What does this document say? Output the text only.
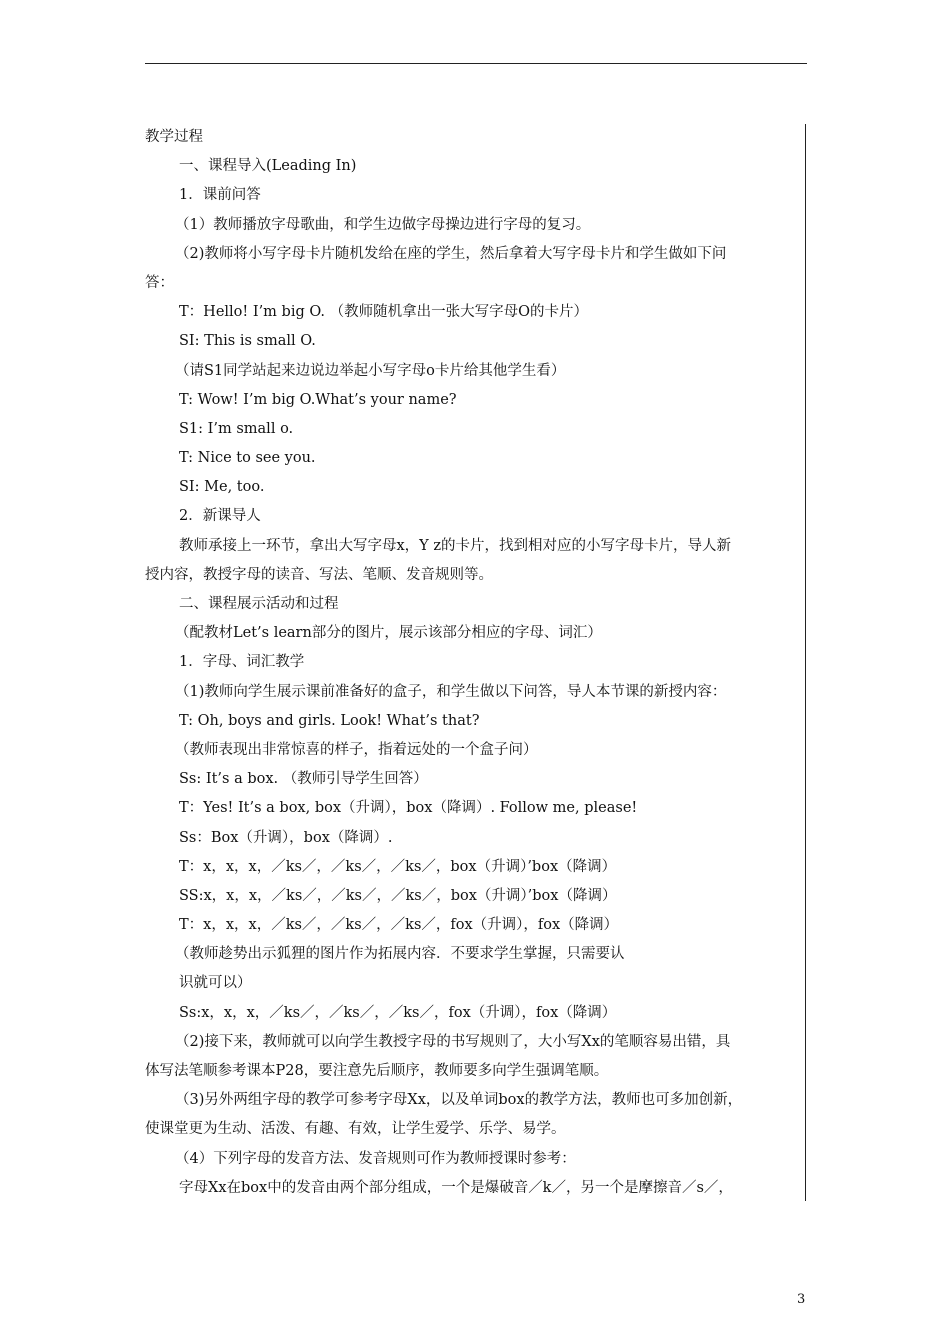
教学过程
一、课程导入(Leading In)
1．课前问答
（1）教师播放字母歌曲，和学生边做字母操边进行字母的复习。
（2)教师将小写字母卡片随机发给在座的学生，然后拿着大写字母卡片和学生做如下问
答：
T：Hello! I’m big O. （教师随机拿出一张大写字母O的卡片）
SI: This is small O.
（请S1同学站起来边说边举起小写字母o卡片给其他学生看）
T: Wow! I’m big O.What’s your name?
S1: I’m small o.
T: Nice to see you.
SI: Me, too.
2．新课导人
教师承接上一环节，拿出大写字母x，Y z的卡片，找到相对应的小写字母卡片，导人新
授内容，教授字母的读音、写法、笔顺、发音规则等。
二、课程展示活动和过程
（配教材Let’s learn部分的图片，展示该部分相应的字母、词汇）
1．字母、词汇教学
（1)教师向学生展示课前准备好的盒子，和学生做以下问答，导人本节课的新授内容：
T: Oh, boys and girls. Look! What’s that?
（教师表现出非常惊喜的样子，指着远处的一个盒子问）
Ss: It’s a box. （教师引导学生回答）
T：Yes! It’s a box, box（升调），box（降调）. Follow me, please!
Ss：Box（升调），box（降调）.
T：x，x，x，／ks／，／ks／，／ks／，box（升调）’box（降调）
SS:x，x，x，／ks／，／ks／，／ks／，box（升调）’box（降调）
T：x，x，x，／ks／，／ks／，／ks／，fox（升调），fox（降调）
（教师趁势出示狐狸的图片作为拓展内容．不要求学生掌握，只需要认
识就可以）
Ss:x，x，x，／ks／，／ks／，／ks／，fox（升调），fox（降调）
（2)接下来，教师就可以向学生教授字母的书写规则了，大小写Xx的笔顺容易出错，具
体写法笔顺参考课本P28，要注意先后顺序，教师要多向学生强调笔顺。
（3)另外两组字母的教学可参考字母Xx，以及单词box的教学方法，教师也可多加创新，
使课堂更为生动、活泼、有趣、有效，让学生爱学、乐学、易学。
（4）下列字母的发音方法、发音规则可作为教师授课时参考：
字母Xx在box中的发音由两个部分组成，一个是爆破音／k／，另一个是摩擦音／s／，
3
